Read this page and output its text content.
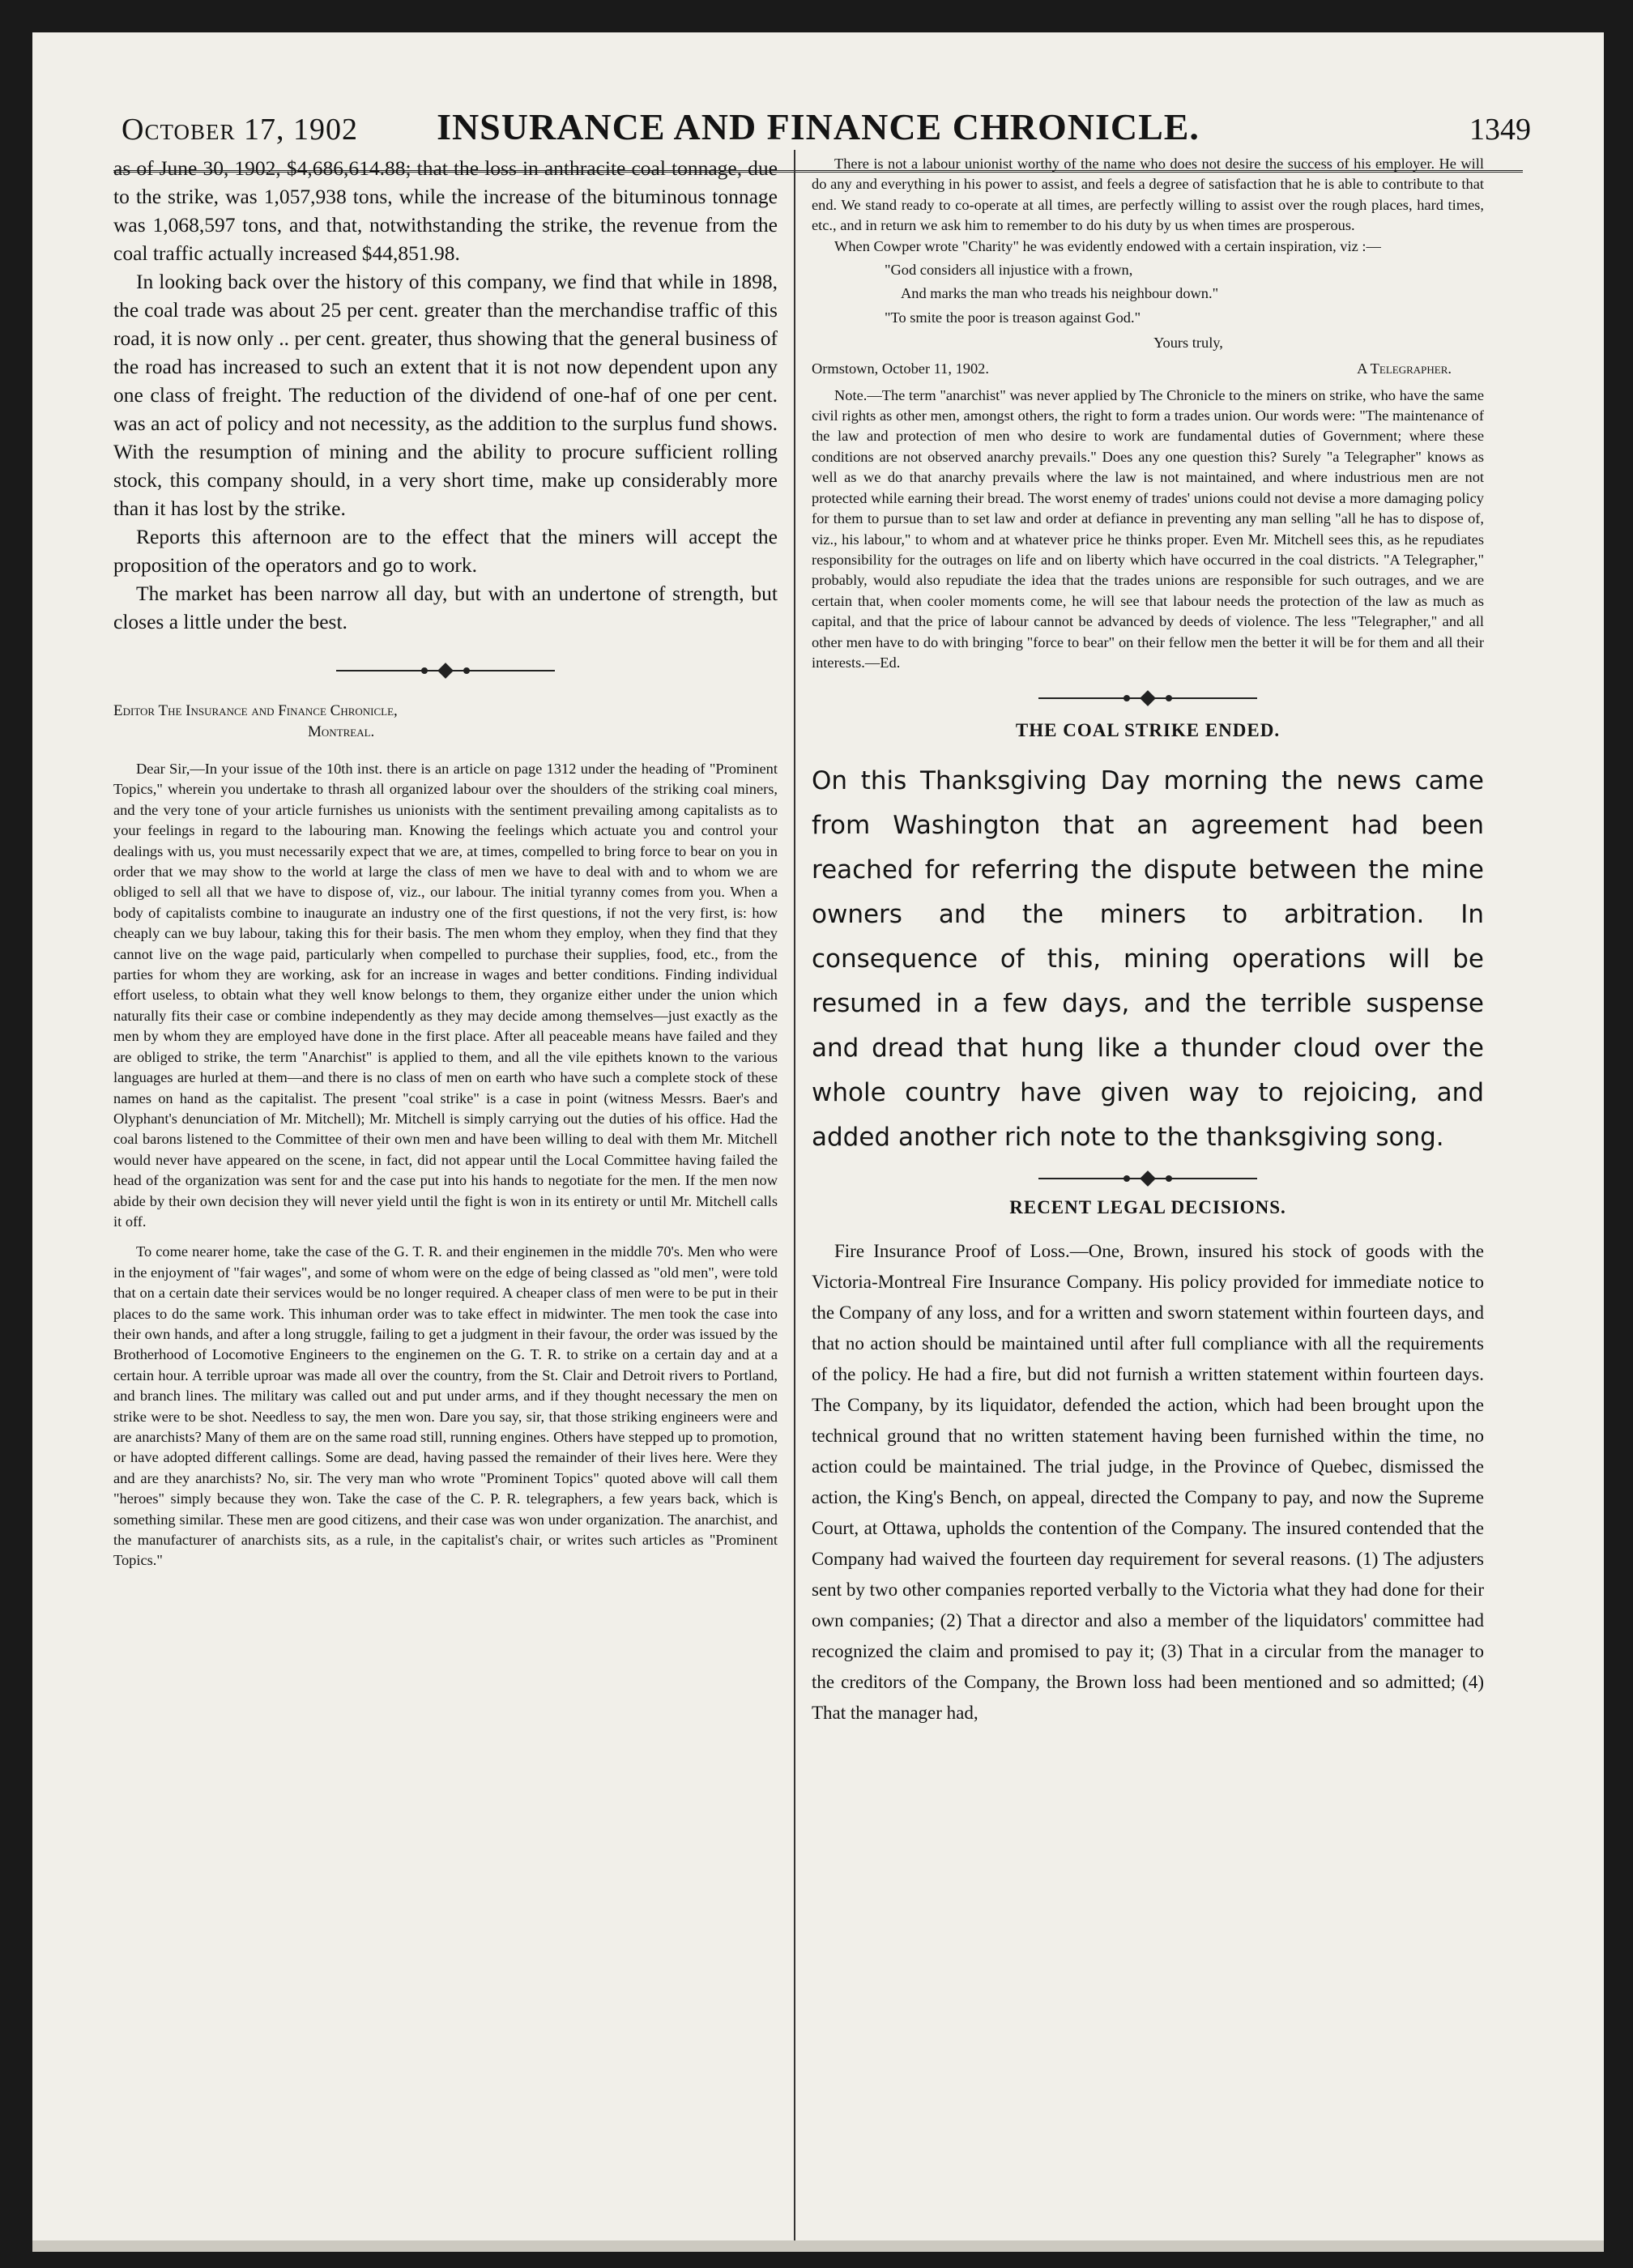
October 17, 1902	INSURANCE AND FINANCE CHRONICLE.	1349

as of June 30, 1902, $4,686,614.88; that the loss in anthracite coal tonnage, due to the strike, was 1,057,938 tons, while the increase of the bituminous tonnage was 1,068,597 tons, and that, notwithstanding the strike, the revenue from the coal traffic actually increased $44,851.98.

In looking back over the history of this company, we find that while in 1898, the coal trade was about 25 per cent. greater than the merchandise traffic of this road, it is now only .. per cent. greater, thus showing that the general business of the road has increased to such an extent that it is not now dependent upon any one class of freight. The reduction of the dividend of one-haf of one per cent. was an act of policy and not necessity, as the addition to the surplus fund shows. With the resumption of mining and the ability to procure sufficient rolling stock, this company should, in a very short time, make up considerably more than it has lost by the strike.

Reports this afternoon are to the effect that the miners will accept the proposition of the operators and go to work.

The market has been narrow all day, but with an undertone of strength, but closes a little under the best.

Editor The Insurance and Finance Chronicle,
Montreal.

Dear Sir,—In your issue of the 10th inst. there is an article on page 1312 under the heading of "Prominent Topics," wherein you undertake to thrash all organized labour over the shoulders of the striking coal miners, and the very tone of your article furnishes us unionists with the sentiment prevailing among capitalists as to your feelings in regard to the labouring man. Knowing the feelings which actuate you and control your dealings with us, you must necessarily expect that we are, at times, compelled to bring force to bear on you in order that we may show to the world at large the class of men we have to deal with and to whom we are obliged to sell all that we have to dispose of, viz., our labour. The initial tyranny comes from you. When a body of capitalists combine to inaugurate an industry one of the first questions, if not the very first, is: how cheaply can we buy labour, taking this for their basis. The men whom they employ, when they find that they cannot live on the wage paid, particularly when compelled to purchase their supplies, food, etc., from the parties for whom they are working, ask for an increase in wages and better conditions. Finding individual effort useless, to obtain what they well know belongs to them, they organize either under the union which naturally fits their case or combine independently as they may decide among themselves—just exactly as the men by whom they are employed have done in the first place. After all peaceable means have failed and they are obliged to strike, the term "Anarchist" is applied to them, and all the vile epithets known to the various languages are hurled at them—and there is no class of men on earth who have such a complete stock of these names on hand as the capitalist. The present "coal strike" is a case in point (witness Messrs. Baer's and Olyphant's denunciation of Mr. Mitchell); Mr. Mitchell is simply carrying out the duties of his office. Had the coal barons listened to the Committee of their own men and have been willing to deal with them Mr. Mitchell would never have appeared on the scene, in fact, did not appear until the Local Committee having failed the head of the organization was sent for and the case put into his hands to negotiate for the men. If the men now abide by their own decision they will never yield until the fight is won in its entirety or until Mr. Mitchell calls it off.

To come nearer home, take the case of the G. T. R. and their enginemen in the middle 70's. Men who were in the enjoyment of "fair wages", and some of whom were on the edge of being classed as "old men", were told that on a certain date their services would be no longer required. A cheaper class of men were to be put in their places to do the same work. This inhuman order was to take effect in midwinter. The men took the case into their own hands, and after a long struggle, failing to get a judgment in their favour, the order was issued by the Brotherhood of Locomotive Engineers to the enginemen on the G. T. R. to strike on a certain day and at a certain hour. A terrible uproar was made all over the country, from the St. Clair and Detroit rivers to Portland, and branch lines. The military was called out and put under arms, and if they thought necessary the men on strike were to be shot. Needless to say, the men won. Dare you say, sir, that those striking engineers were and are anarchists? Many of them are on the same road still, running engines. Others have stepped up to promotion, or have adopted different callings. Some are dead, having passed the remainder of their lives here. Were they and are they anarchists? No, sir. The very man who wrote "Prominent Topics" quoted above will call them "heroes" simply because they won. Take the case of the C. P. R. telegraphers, a few years back, which is something similar. These men are good citizens, and their case was won under organization. The anarchist, and the manufacturer of anarchists sits, as a rule, in the capitalist's chair, or writes such articles as "Prominent Topics."

There is not a labour unionist worthy of the name who does not desire the success of his employer. He will do any and everything in his power to assist, and feels a degree of satisfaction that he is able to contribute to that end. We stand ready to co-operate at all times, are perfectly willing to assist over the rough places, hard times, etc., and in return we ask him to remember to do his duty by us when times are prosperous.

When Cowper wrote "Charity" he was evidently endowed with a certain inspiration, viz :—

"God considers all injustice with a frown,
And marks the man who treads his neighbour down."
"To smite the poor is treason against God."
Yours truly,
Ormstown, October 11, 1902.	A Telegrapher.

Note.—The term "anarchist" was never applied by The Chronicle to the miners on strike, who have the same civil rights as other men, amongst others, the right to form a trades union. Our words were: "The maintenance of the law and protection of men who desire to work are fundamental duties of Government; where these conditions are not observed anarchy prevails." Does any one question this? Surely "a Telegrapher" knows as well as we do that anarchy prevails where the law is not maintained, and where industrious men are not protected while earning their bread. The worst enemy of trades' unions could not devise a more damaging policy for them to pursue than to set law and order at defiance in preventing any man selling "all he has to dispose of, viz., his labour," to whom and at whatever price he thinks proper. Even Mr. Mitchell sees this, as he repudiates responsibility for the outrages on life and on liberty which have occurred in the coal districts. "A Telegrapher," probably, would also repudiate the idea that the trades unions are responsible for such outrages, and we are certain that, when cooler moments come, he will see that labour needs the protection of the law as much as capital, and that the price of labour cannot be advanced by deeds of violence. The less "Telegrapher," and all other men have to do with bringing "force to bear" on their fellow men the better it will be for them and all their interests.—Ed.

THE COAL STRIKE ENDED.

On this Thanksgiving Day morning the news came from Washington that an agreement had been reached for referring the dispute between the mine owners and the miners to arbitration. In consequence of this, mining operations will be resumed in a few days, and the terrible suspense and dread that hung like a thunder cloud over the whole country have given way to rejoicing, and added another rich note to the thanksgiving song.

RECENT LEGAL DECISIONS.

Fire Insurance Proof of Loss.—One, Brown, insured his stock of goods with the Victoria-Montreal Fire Insurance Company. His policy provided for immediate notice to the Company of any loss, and for a written and sworn statement within fourteen days, and that no action should be maintained until after full compliance with all the requirements of the policy. He had a fire, but did not furnish a written statement within fourteen days. The Company, by its liquidator, defended the action, which had been brought upon the technical ground that no written statement having been furnished within the time, no action could be maintained. The trial judge, in the Province of Quebec, dismissed the action, the King's Bench, on appeal, directed the Company to pay, and now the Supreme Court, at Ottawa, upholds the contention of the Company. The insured contended that the Company had waived the fourteen day requirement for several reasons. (1) The adjusters sent by two other companies reported verbally to the Victoria what they had done for their own companies; (2) That a director and also a member of the liquidators' committee had recognized the claim and promised to pay it; (3) That in a circular from the manager to the creditors of the Company, the Brown loss had been mentioned and so admitted; (4) That the manager had,
